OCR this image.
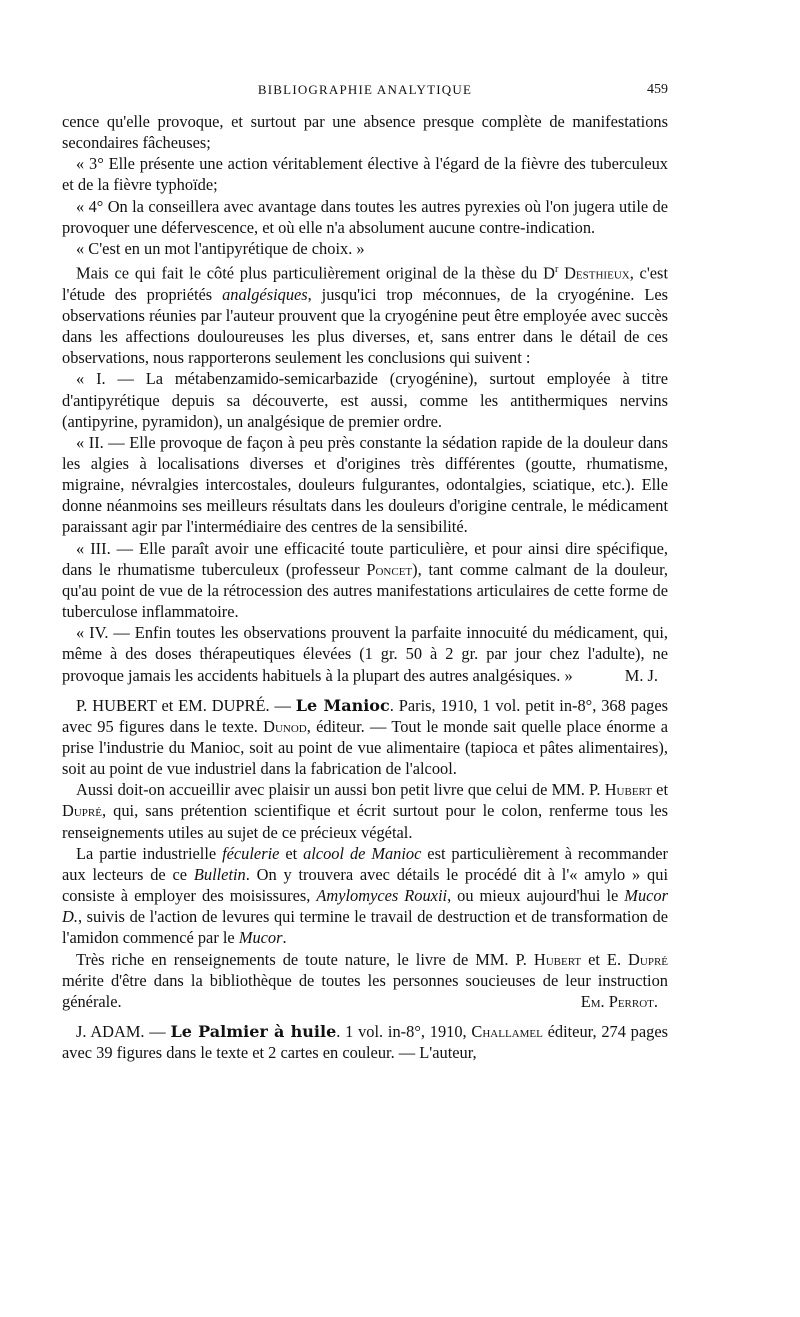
BIBLIOGRAPHIE ANALYTIQUE	459

cence qu'elle provoque, et surtout par une absence presque complète de manifestations secondaires fâcheuses;

« 3° Elle présente une action véritablement élective à l'égard de la fièvre des tuberculeux et de la fièvre typhoïde;

« 4° On la conseillera avec avantage dans toutes les autres pyrexies où l'on jugera utile de provoquer une défervescence, et où elle n'a absolument aucune contre-indication.

« C'est en un mot l'antipyrétique de choix. »

Mais ce qui fait le côté plus particulièrement original de la thèse du $D^r$ Desthieux, c'est l'étude des propriétés analgésiques, jusqu'ici trop méconnues, de la cryogénine. Les observations réunies par l'auteur prouvent que la cryogénine peut être employée avec succès dans les affections douloureuses les plus diverses, et, sans entrer dans le détail de ces observations, nous rapporterons seulement les conclusions qui suivent :

« I. — La métabenzamido-semicarbazide (cryogénine), surtout employée à titre d'antipyrétique depuis sa découverte, est aussi, comme les antithermiques nervins (antipyrine, pyramidon), un analgésique de premier ordre.

« II. — Elle provoque de façon à peu près constante la sédation rapide de la douleur dans les algies à localisations diverses et d'origines très différentes (goutte, rhumatisme, migraine, névralgies intercostales, douleurs fulgurantes, odontalgies, sciatique, etc.). Elle donne néanmoins ses meilleurs résultats dans les douleurs d'origine centrale, le médicament paraissant agir par l'intermédiaire des centres de la sensibilité.

« III. — Elle paraît avoir une efficacité toute particulière, et pour ainsi dire spécifique, dans le rhumatisme tuberculeux (professeur Poncet), tant comme calmant de la douleur, qu'au point de vue de la rétrocession des autres manifestations articulaires de cette forme de tuberculose inflammatoire.

« IV. — Enfin toutes les observations prouvent la parfaite innocuité du médicament, qui, même à des doses thérapeutiques élevées (1 gr. 50 à 2 gr. par jour chez l'adulte), ne provoque jamais les accidents habituels à la plupart des autres analgésiques. »	M. J.

P. HUBERT et EM. DUPRÉ. — Le Manioc. Paris, 1910, 1 vol. petit in-8°, 368 pages avec 95 figures dans le texte. Dunod, éditeur. — Tout le monde sait quelle place énorme a prise l'industrie du Manioc, soit au point de vue alimentaire (tapioca et pâtes alimentaires), soit au point de vue industriel dans la fabrication de l'alcool.

Aussi doit-on accueillir avec plaisir un aussi bon petit livre que celui de MM. P. Hubert et Dupré, qui, sans prétention scientifique et écrit surtout pour le colon, renferme tous les renseignements utiles au sujet de ce précieux végétal.

La partie industrielle féculerie et alcool de Manioc est particulièrement à recommander aux lecteurs de ce Bulletin. On y trouvera avec détails le procédé dit à l'« amylo » qui consiste à employer des moisissures, Amylomyces Rouxii, ou mieux aujourd'hui le Mucor D., suivis de l'action de levures qui termine le travail de destruction et de transformation de l'amidon commencé par le Mucor.

Très riche en renseignements de toute nature, le livre de MM. P. Hubert et E. Dupré mérite d'être dans la bibliothèque de toutes les personnes soucieuses de leur instruction générale.	Em. Perrot.

J. ADAM. — Le Palmier à huile. 1 vol. in-8°, 1910, Challamel éditeur, 274 pages avec 39 figures dans le texte et 2 cartes en couleur. — L'auteur,
